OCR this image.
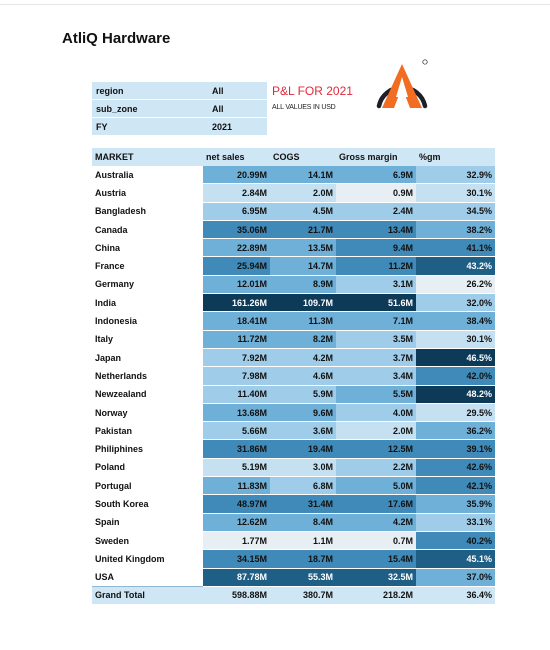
AtliQ Hardware
region	All
sub_zone	All
FY	2021
P&L FOR 2021
ALL VALUES IN USD
MARKET	net sales	COGS	Gross margin	%gm
Australia	20.99M	14.1M	6.9M	32.9%
Austria	2.84M	2.0M	0.9M	30.1%
Bangladesh	6.95M	4.5M	2.4M	34.5%
Canada	35.06M	21.7M	13.4M	38.2%
China	22.89M	13.5M	9.4M	41.1%
France	25.94M	14.7M	11.2M	43.2%
Germany	12.01M	8.9M	3.1M	26.2%
India	161.26M	109.7M	51.6M	32.0%
Indonesia	18.41M	11.3M	7.1M	38.4%
Italy	11.72M	8.2M	3.5M	30.1%
Japan	7.92M	4.2M	3.7M	46.5%
Netherlands	7.98M	4.6M	3.4M	42.0%
Newzealand	11.40M	5.9M	5.5M	48.2%
Norway	13.68M	9.6M	4.0M	29.5%
Pakistan	5.66M	3.6M	2.0M	36.2%
Philiphines	31.86M	19.4M	12.5M	39.1%
Poland	5.19M	3.0M	2.2M	42.6%
Portugal	11.83M	6.8M	5.0M	42.1%
South Korea	48.97M	31.4M	17.6M	35.9%
Spain	12.62M	8.4M	4.2M	33.1%
Sweden	1.77M	1.1M	0.7M	40.2%
United Kingdom	34.15M	18.7M	15.4M	45.1%
USA	87.78M	55.3M	32.5M	37.0%
Grand Total	598.88M	380.7M	218.2M	36.4%
